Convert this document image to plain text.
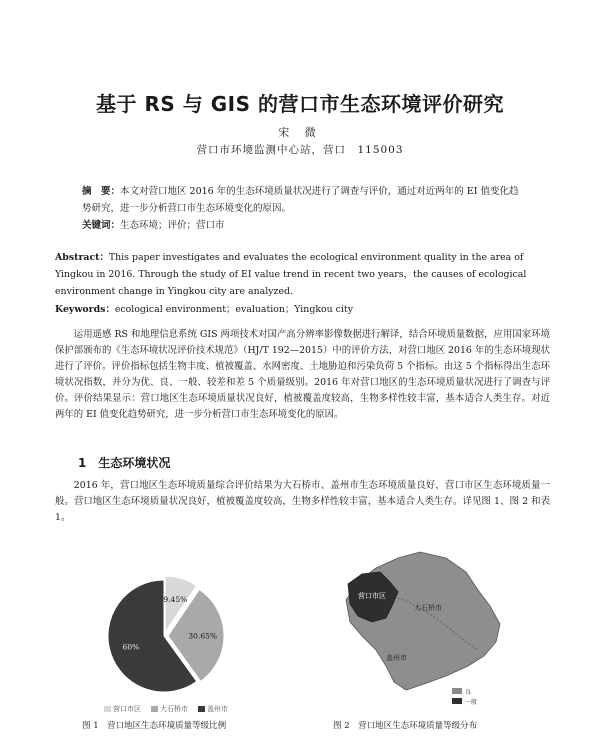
基于 RS 与 GIS 的营口市生态环境评价研究
宋 微
营口市环境监测中心站，营口　115003
摘　要：本文对营口地区 2016 年的生态环境质量状况进行了调查与评价，通过对近两年的 EI 值变化趋势研究，进一步分析营口市生态环境变化的原因。
关键词：生态环境；评价；营口市
Abstract：This paper investigates and evaluates the ecological environment quality in the area of Yingkou in 2016. Through the study of EI value trend in recent two years，the causes of ecological environment change in Yingkou city are analyzed.
Keywords：ecological environment；evaluation；Yingkou city
运用遥感 RS 和地理信息系统 GIS 两项技术对国产高分辨率影像数据进行解译，结合环境质量数据，应用国家环境保护部颁布的《生态环境状况评价技术规范》（HJ/T 192—2015）中的评价方法，对营口地区 2016 年的生态环境现状进行了评价。评价指标包括生物丰度、植被覆盖、水网密度、土地胁迫和污染负荷 5 个指标。由这 5 个指标得出生态环境状况指数，并分为优、良、一般、较差和差 5 个质量级别。2016 年对营口地区的生态环境质量状况进行了调查与评价。评价结果显示：营口地区生态环境质量状况良好，植被覆盖度较高，生物多样性较丰富，基本适合人类生存。对近两年的 EI 值变化趋势研究，进一步分析营口市生态环境变化的原因。
1　生态环境状况
2016 年，营口地区生态环境质量综合评价结果为大石桥市、盖州市生态环境质量良好，营口市区生态环境质量一般。营口地区生态环境质量状况良好，植被覆盖度较高，生物多样性较丰富，基本适合人类生存。详见图 1、图 2 和表 1。
9.45%
30.65%
60%
营口市区	大石桥市	盖州市
图 1　营口地区生态环境质量等级比例
营口市区
大石桥市
盖州市
良
一般
图 2　营口地区生态环境质量等级分布
